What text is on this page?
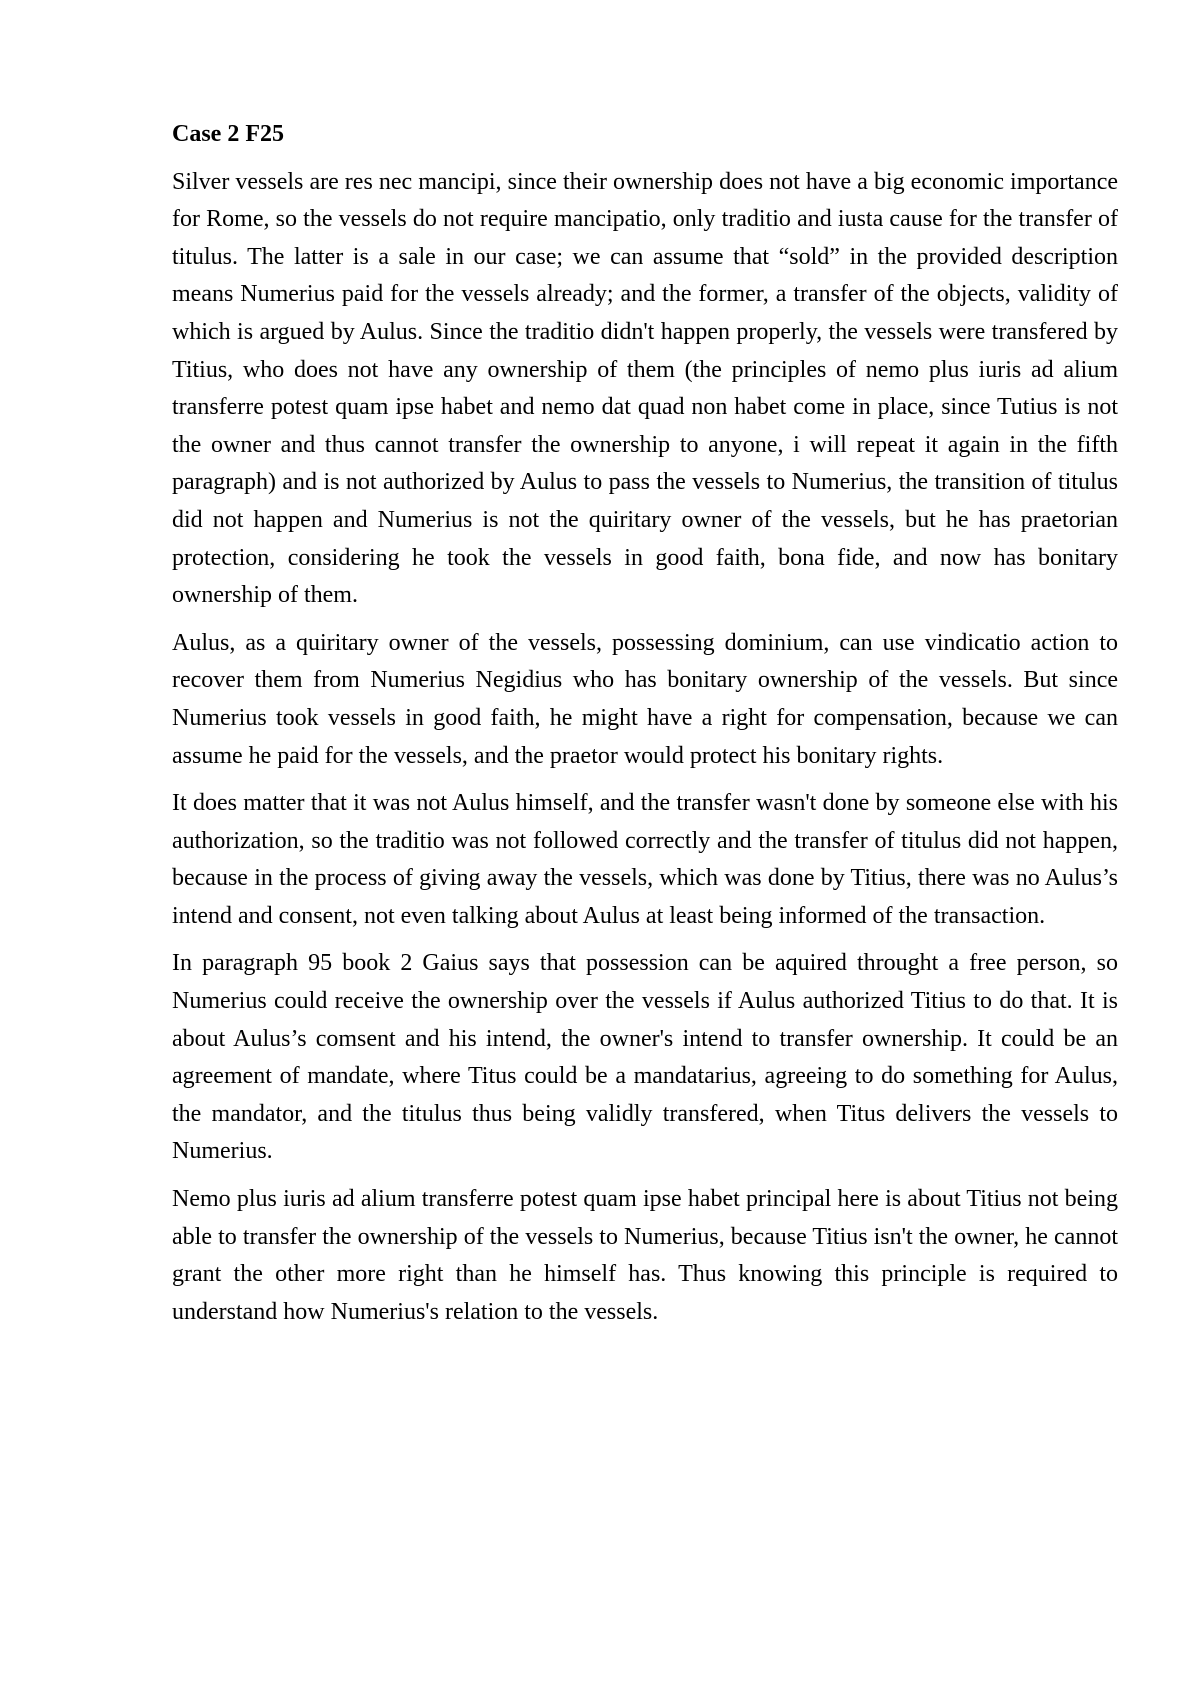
Case 2 F25

Silver vessels are res nec mancipi, since their ownership does not have a big economic importance for Rome, so the vessels do not require mancipatio, only traditio and iusta cause for the transfer of titulus. The latter is a sale in our case; we can assume that “sold” in the provided description means Numerius paid for the vessels already; and the former, a transfer of the objects, validity of which is argued by Aulus. Since the traditio didn't happen properly, the vessels were transfered by Titius, who does not have any ownership of them (the principles of nemo plus iuris ad alium transferre potest quam ipse habet and nemo dat quad non habet come in place, since Tutius is not the owner and thus cannot transfer the ownership to anyone, i will repeat it again in the fifth paragraph) and is not authorized by Aulus to pass the vessels to Numerius, the transition of titulus did not happen and Numerius is not the quiritary owner of the vessels, but he has praetorian protection, considering he took the vessels in good faith, bona fide, and now has bonitary ownership of them.

Aulus, as a quiritary owner of the vessels, possessing dominium, can use vindicatio action to recover them from Numerius Negidius who has bonitary ownership of the vessels. But since Numerius took vessels in good faith, he might have a right for compensation, because we can assume he paid for the vessels, and the praetor would protect his bonitary rights.

It does matter that it was not Aulus himself, and the transfer wasn't done by someone else with his authorization, so the traditio was not followed correctly and the transfer of titulus did not happen, because in the process of giving away the vessels, which was done by Titius, there was no Aulus’s intend and consent, not even talking about Aulus at least being informed of the transaction.

In paragraph 95 book 2 Gaius says that possession can be aquired throught a free person, so Numerius could receive the ownership over the vessels if Aulus authorized Titius to do that. It is about Aulus’s comsent and his intend, the owner's intend to transfer ownership. It could be an agreement of mandate, where Titus could be a mandatarius, agreeing to do something for Aulus, the mandator, and the titulus thus being validly transfered, when Titus delivers the vessels to Numerius.

Nemo plus iuris ad alium transferre potest quam ipse habet principal here is about Titius not being able to transfer the ownership of the vessels to Numerius, because Titius isn't the owner, he cannot grant the other more right than he himself has. Thus knowing this principle is required to understand how Numerius's relation to the vessels.
